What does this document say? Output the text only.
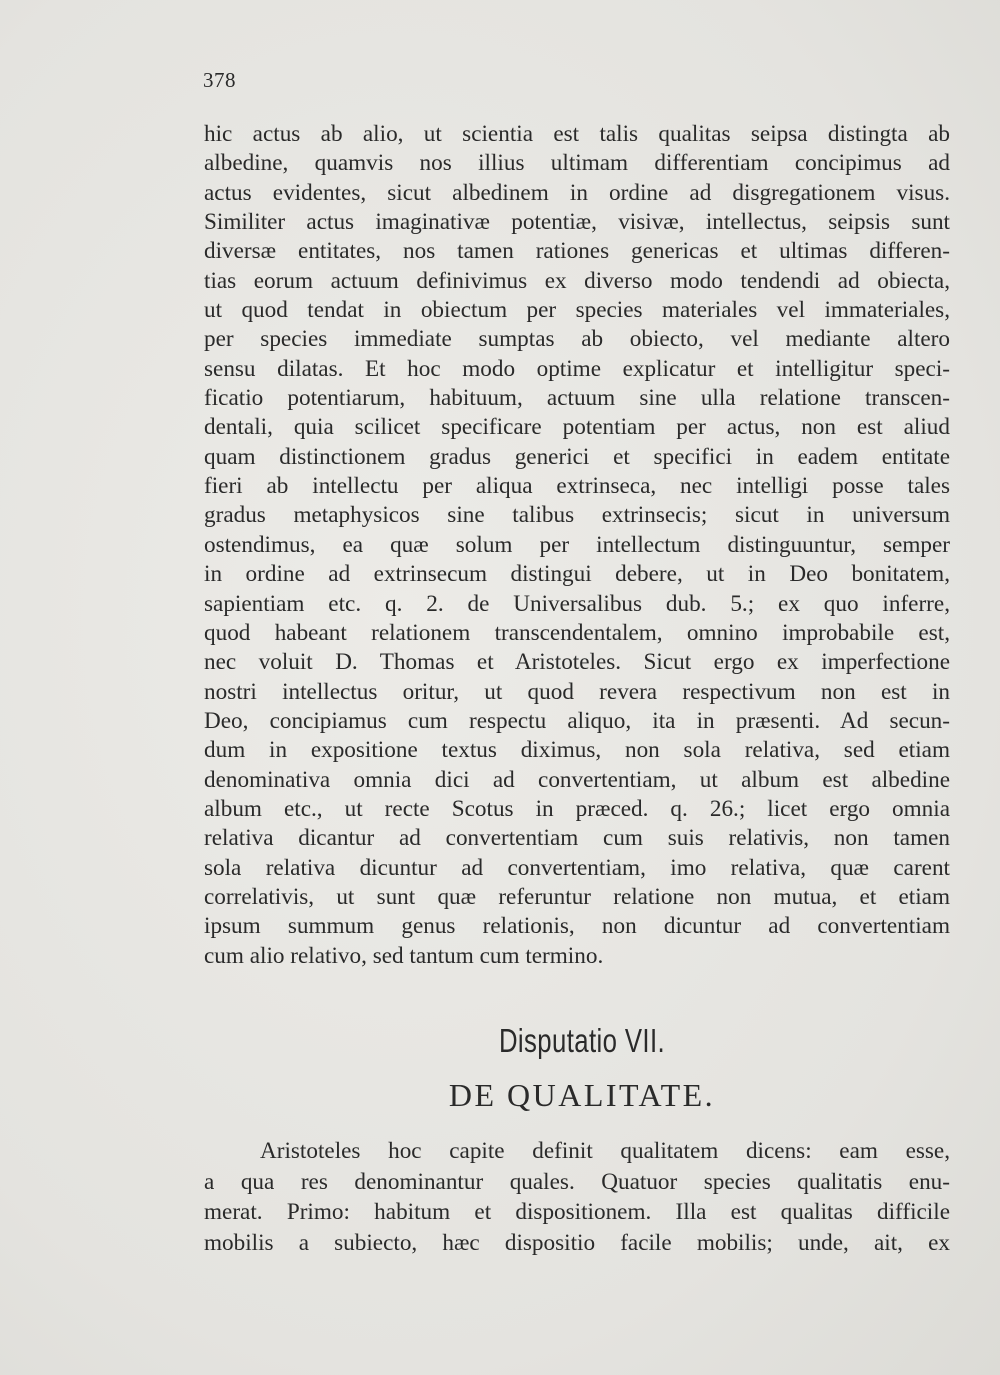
378
hic actus ab alio, ut scientia est talis qualitas seipsa distingta ab
albedine, quamvis nos illius ultimam differentiam concipimus ad
actus evidentes, sicut albedinem in ordine ad disgregationem visus.
Similiter actus imaginativæ potentiæ, visivæ, intellectus, seipsis sunt
diversæ entitates, nos tamen rationes genericas et ultimas differen-
tias eorum actuum definivimus ex diverso modo tendendi ad obiecta,
ut quod tendat in obiectum per species materiales vel immateriales,
per species immediate sumptas ab obiecto, vel mediante altero
sensu dilatas. Et hoc modo optime explicatur et intelligitur speci-
ficatio potentiarum, habituum, actuum sine ulla relatione transcen-
dentali, quia scilicet specificare potentiam per actus, non est aliud
quam distinctionem gradus generici et specifici in eadem entitate
fieri ab intellectu per aliqua extrinseca, nec intelligi posse tales
gradus metaphysicos sine talibus extrinsecis; sicut in universum
ostendimus, ea quæ solum per intellectum distinguuntur, semper
in ordine ad extrinsecum distingui debere, ut in Deo bonitatem,
sapientiam etc. q. 2. de Universalibus dub. 5.; ex quo inferre,
quod habeant relationem transcendentalem, omnino improbabile est,
nec voluit D. Thomas et Aristoteles. Sicut ergo ex imperfectione
nostri intellectus oritur, ut quod revera respectivum non est in
Deo, concipiamus cum respectu aliquo, ita in præsenti. Ad secun-
dum in expositione textus diximus, non sola relativa, sed etiam
denominativa omnia dici ad convertentiam, ut album est albedine
album etc., ut recte Scotus in præced. q. 26.; licet ergo omnia
relativa dicantur ad convertentiam cum suis relativis, non tamen
sola relativa dicuntur ad convertentiam, imo relativa, quæ carent
correlativis, ut sunt quæ referuntur relatione non mutua, et etiam
ipsum summum genus relationis, non dicuntur ad convertentiam
cum alio relativo, sed tantum cum termino.
Disputatio VII.
DE QUALITATE.
Aristoteles hoc capite definit qualitatem dicens: eam esse,
a qua res denominantur quales. Quatuor species qualitatis enu-
merat. Primo: habitum et dispositionem. Illa est qualitas difficile
mobilis a subiecto, hæc dispositio facile mobilis; unde, ait, ex
